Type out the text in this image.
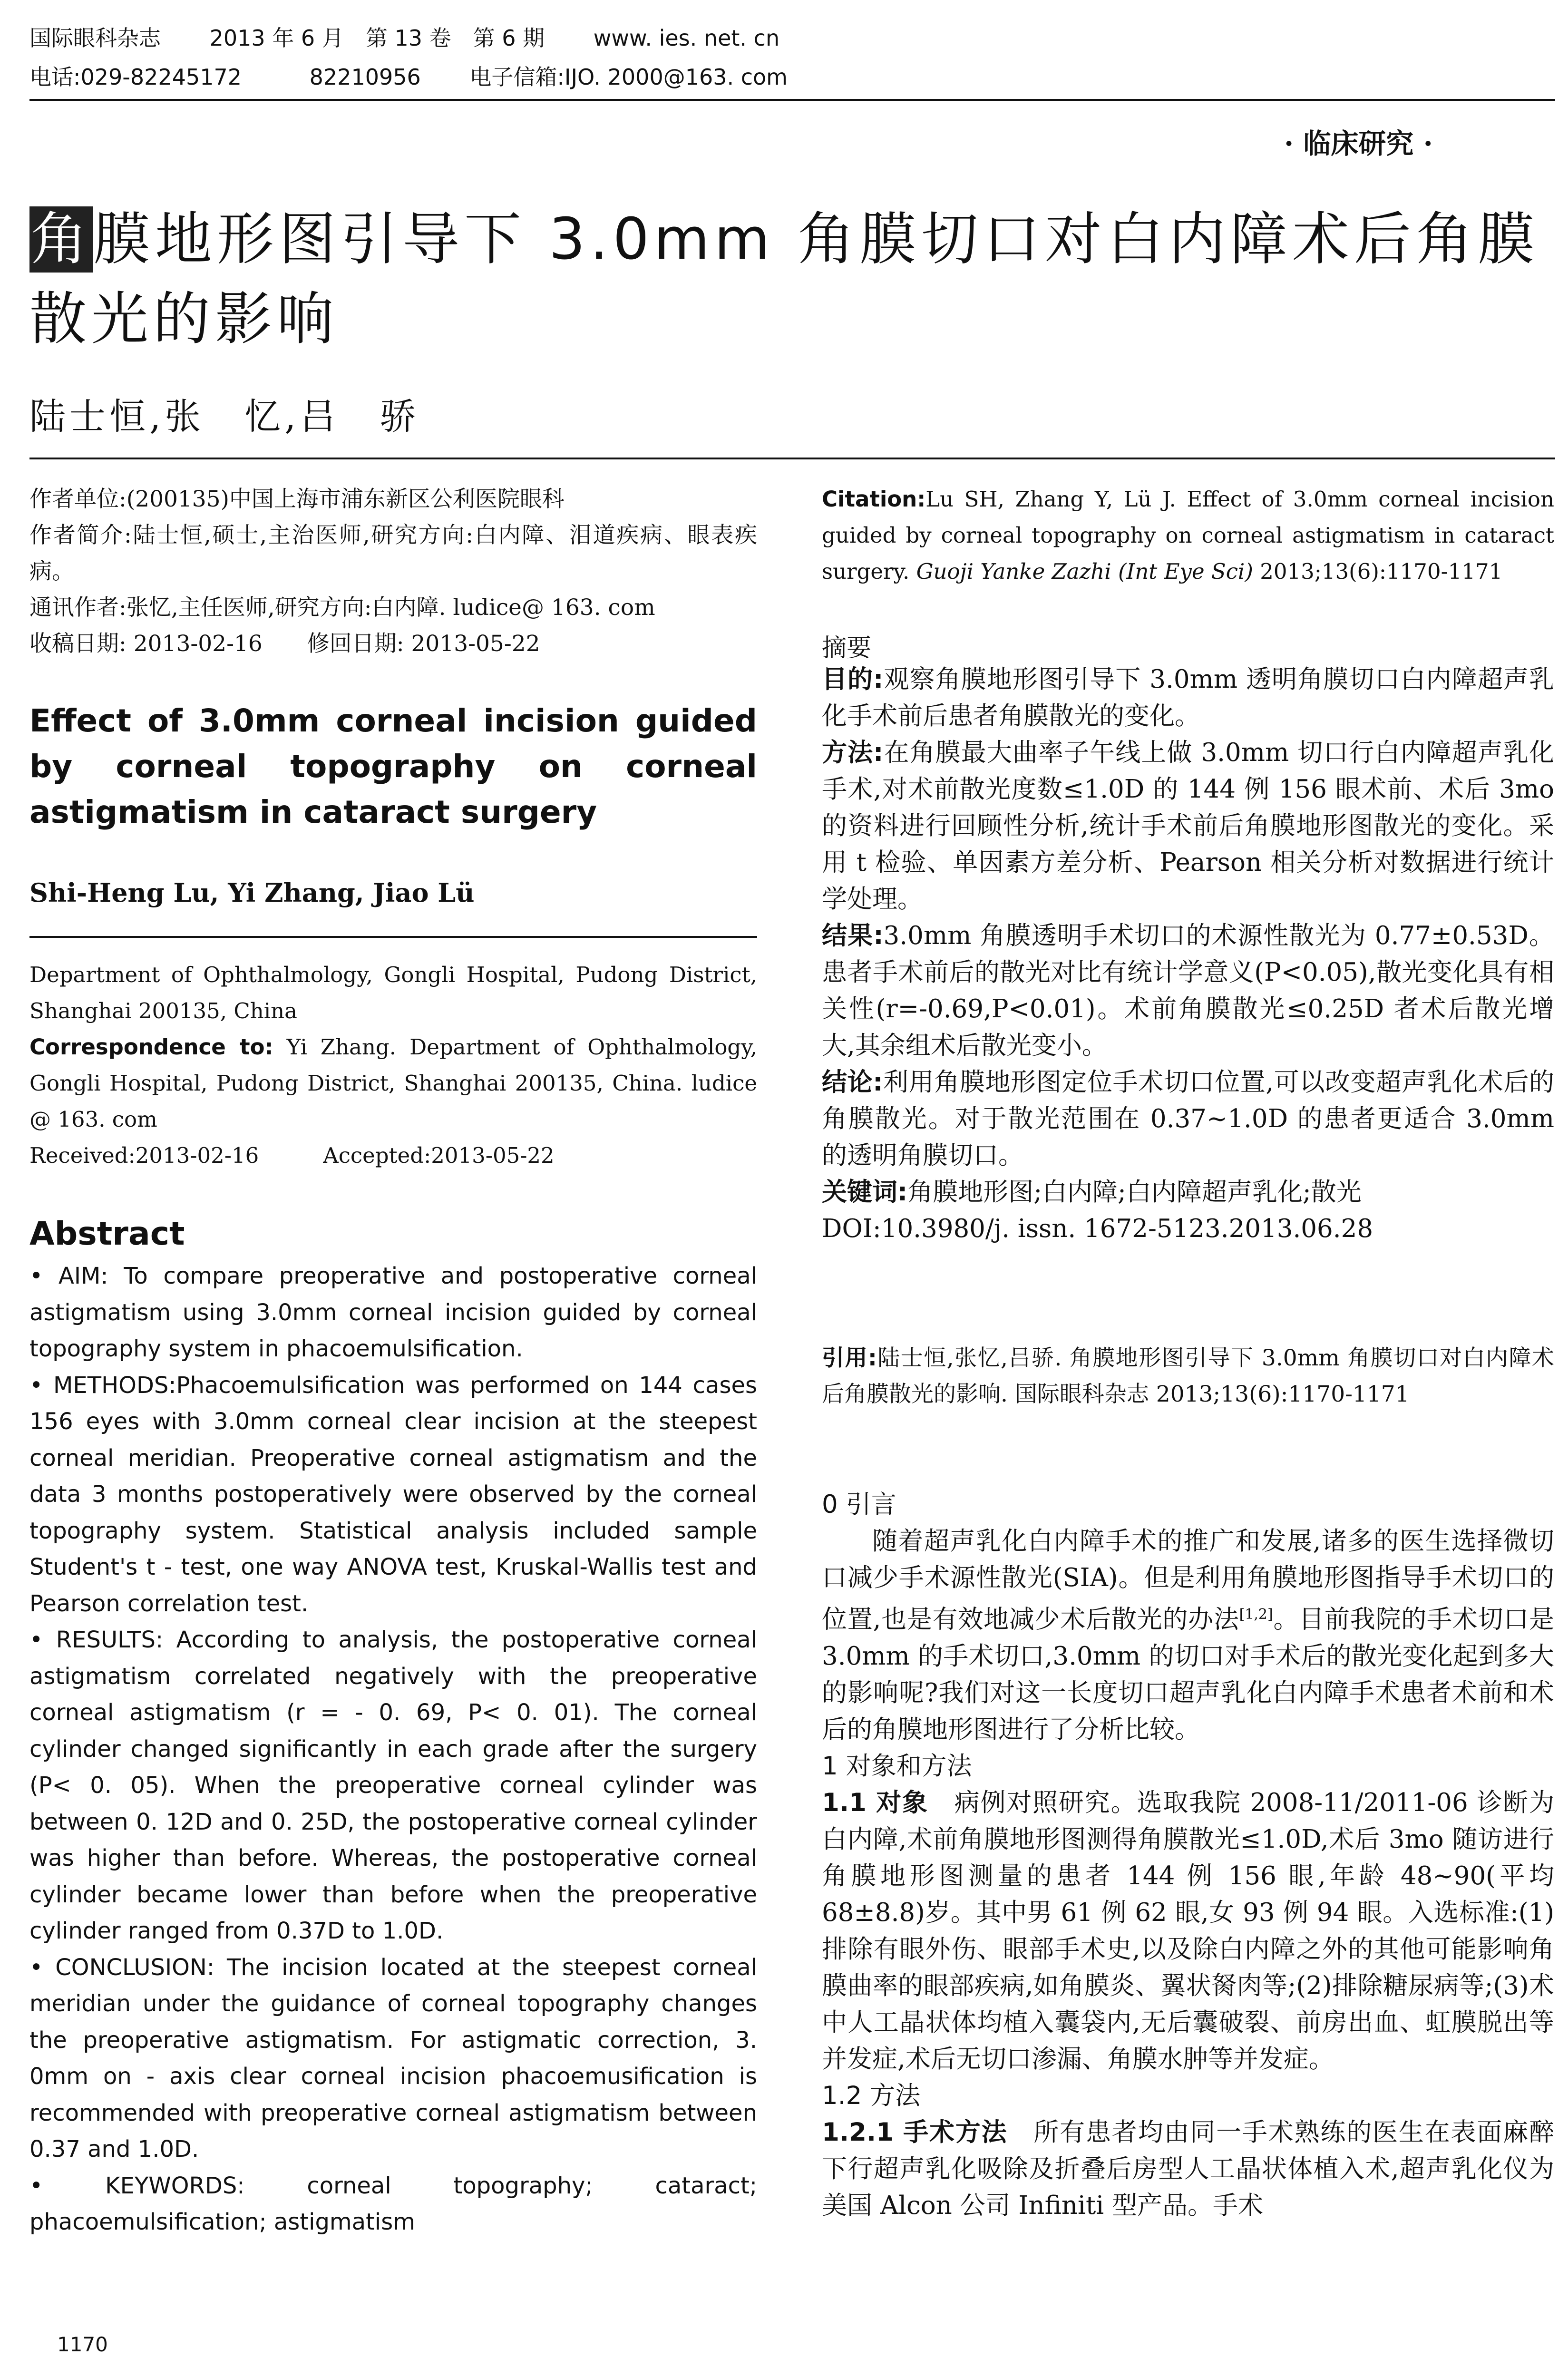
国际眼科杂志 2013 年 6 月　第 13 卷　第 6 期 www. ies. net. cn
电话:029-82245172	82210956 电子信箱:IJO. 2000@163. com
· 临床研究 ·
角膜地形图引导下 3.0mm 角膜切口对白内障术后角膜散光的影响
陆士恒,张　忆,吕　骄

作者单位:(200135)中国上海市浦东新区公利医院眼科

作者简介:陆士恒,硕士,主治医师,研究方向:白内障、泪道疾病、眼表疾病。

通讯作者:张忆,主任医师,研究方向:白内障. ludice@ 163. com

收稿日期: 2013-02-16　　修回日期: 2013-05-22

Effect of 3.0mm corneal incision guided by corneal topography on corneal astigmatism in cataract surgery
Shi-Heng Lu, Yi Zhang, Jiao Lü

Department of Ophthalmology, Gongli Hospital, Pudong District, Shanghai 200135, China

Correspondence to: Yi Zhang. Department of Ophthalmology, Gongli Hospital, Pudong District, Shanghai 200135, China. ludice @ 163. com

Received:2013-02-16　　　Accepted:2013-05-22

Abstract

• AIM: To compare preoperative and postoperative corneal astigmatism using 3.0mm corneal incision guided by corneal topography system in phacoemulsification.

• METHODS:Phacoemulsification was performed on 144 cases 156 eyes with 3.0mm corneal clear incision at the steepest corneal meridian. Preoperative corneal astigmatism and the data 3 months postoperatively were observed by the corneal topography system. Statistical analysis included sample Student's t - test, one way ANOVA test, Kruskal-Wallis test and Pearson correlation test.

• RESULTS: According to analysis, the postoperative corneal astigmatism correlated negatively with the preoperative corneal astigmatism (r = - 0. 69, P< 0. 01). The corneal cylinder changed significantly in each grade after the surgery (P< 0. 05). When the preoperative corneal cylinder was between 0. 12D and 0. 25D, the postoperative corneal cylinder was higher than before. Whereas, the postoperative corneal cylinder became lower than before when the preoperative cylinder ranged from 0.37D to 1.0D.

• CONCLUSION: The incision located at the steepest corneal meridian under the guidance of corneal topography changes the preoperative astigmatism. For astigmatic correction, 3. 0mm on - axis clear corneal incision phacoemusification is recommended with preoperative corneal astigmatism between 0.37 and 1.0D.

• KEYWORDS:	corneal topography; cataract; phacoemulsification; astigmatism

1170
Citation:Lu SH, Zhang Y, Lü J. Effect of 3.0mm corneal incision guided by corneal topography on corneal astigmatism in cataract surgery. Guoji Yanke Zazhi (Int Eye Sci) 2013;13(6):1170-1171
摘要

目的:观察角膜地形图引导下 3.0mm 透明角膜切口白内障超声乳化手术前后患者角膜散光的变化。

方法:在角膜最大曲率子午线上做 3.0mm 切口行白内障超声乳化手术,对术前散光度数≤1.0D 的 144 例 156 眼术前、术后 3mo 的资料进行回顾性分析,统计手术前后角膜地形图散光的变化。采用 t 检验、单因素方差分析、Pearson 相关分析对数据进行统计学处理。

结果:3.0mm 角膜透明手术切口的术源性散光为 0.77±0.53D。患者手术前后的散光对比有统计学意义(P<0.05),散光变化具有相关性(r=-0.69,P<0.01)。术前角膜散光≤0.25D 者术后散光增大,其余组术后散光变小。

结论:利用角膜地形图定位手术切口位置,可以改变超声乳化术后的角膜散光。对于散光范围在 0.37~1.0D 的患者更适合 3.0mm 的透明角膜切口。

关键词:角膜地形图;白内障;白内障超声乳化;散光

DOI:10.3980/j. issn. 1672-5123.2013.06.28

引用:陆士恒,张忆,吕骄. 角膜地形图引导下 3.0mm 角膜切口对白内障术后角膜散光的影响. 国际眼科杂志 2013;13(6):1170-1171

0 引言

随着超声乳化白内障手术的推广和发展,诸多的医生选择微切口减少手术源性散光(SIA)。但是利用角膜地形图指导手术切口的位置,也是有效地减少术后散光的办法[1,2]。目前我院的手术切口是 3.0mm 的手术切口,3.0mm 的切口对手术后的散光变化起到多大的影响呢?我们对这一长度切口超声乳化白内障手术患者术前和术后的角膜地形图进行了分析比较。

1 对象和方法

1.1 对象　 病例对照研究。选取我院 2008-11/2011-06 诊断为白内障,术前角膜地形图测得角膜散光≤1.0D,术后 3mo 随访进行角膜地形图测量的患者 144 例 156 眼,年龄 48~90(平均 68±8.8)岁。其中男 61 例 62 眼,女 93 例 94 眼。入选标准:(1)排除有眼外伤、眼部手术史,以及除白内障之外的其他可能影响角膜曲率的眼部疾病,如角膜炎、翼状胬肉等;(2)排除糖尿病等;(3)术中人工晶状体均植入囊袋内,无后囊破裂、前房出血、虹膜脱出等并发症,术后无切口渗漏、角膜水肿等并发症。

1.2 方法

1.2.1 手术方法　 所有患者均由同一手术熟练的医生在表面麻醉下行超声乳化吸除及折叠后房型人工晶状体植入术,超声乳化仪为美国 Alcon 公司 Infiniti 型产品。手术
